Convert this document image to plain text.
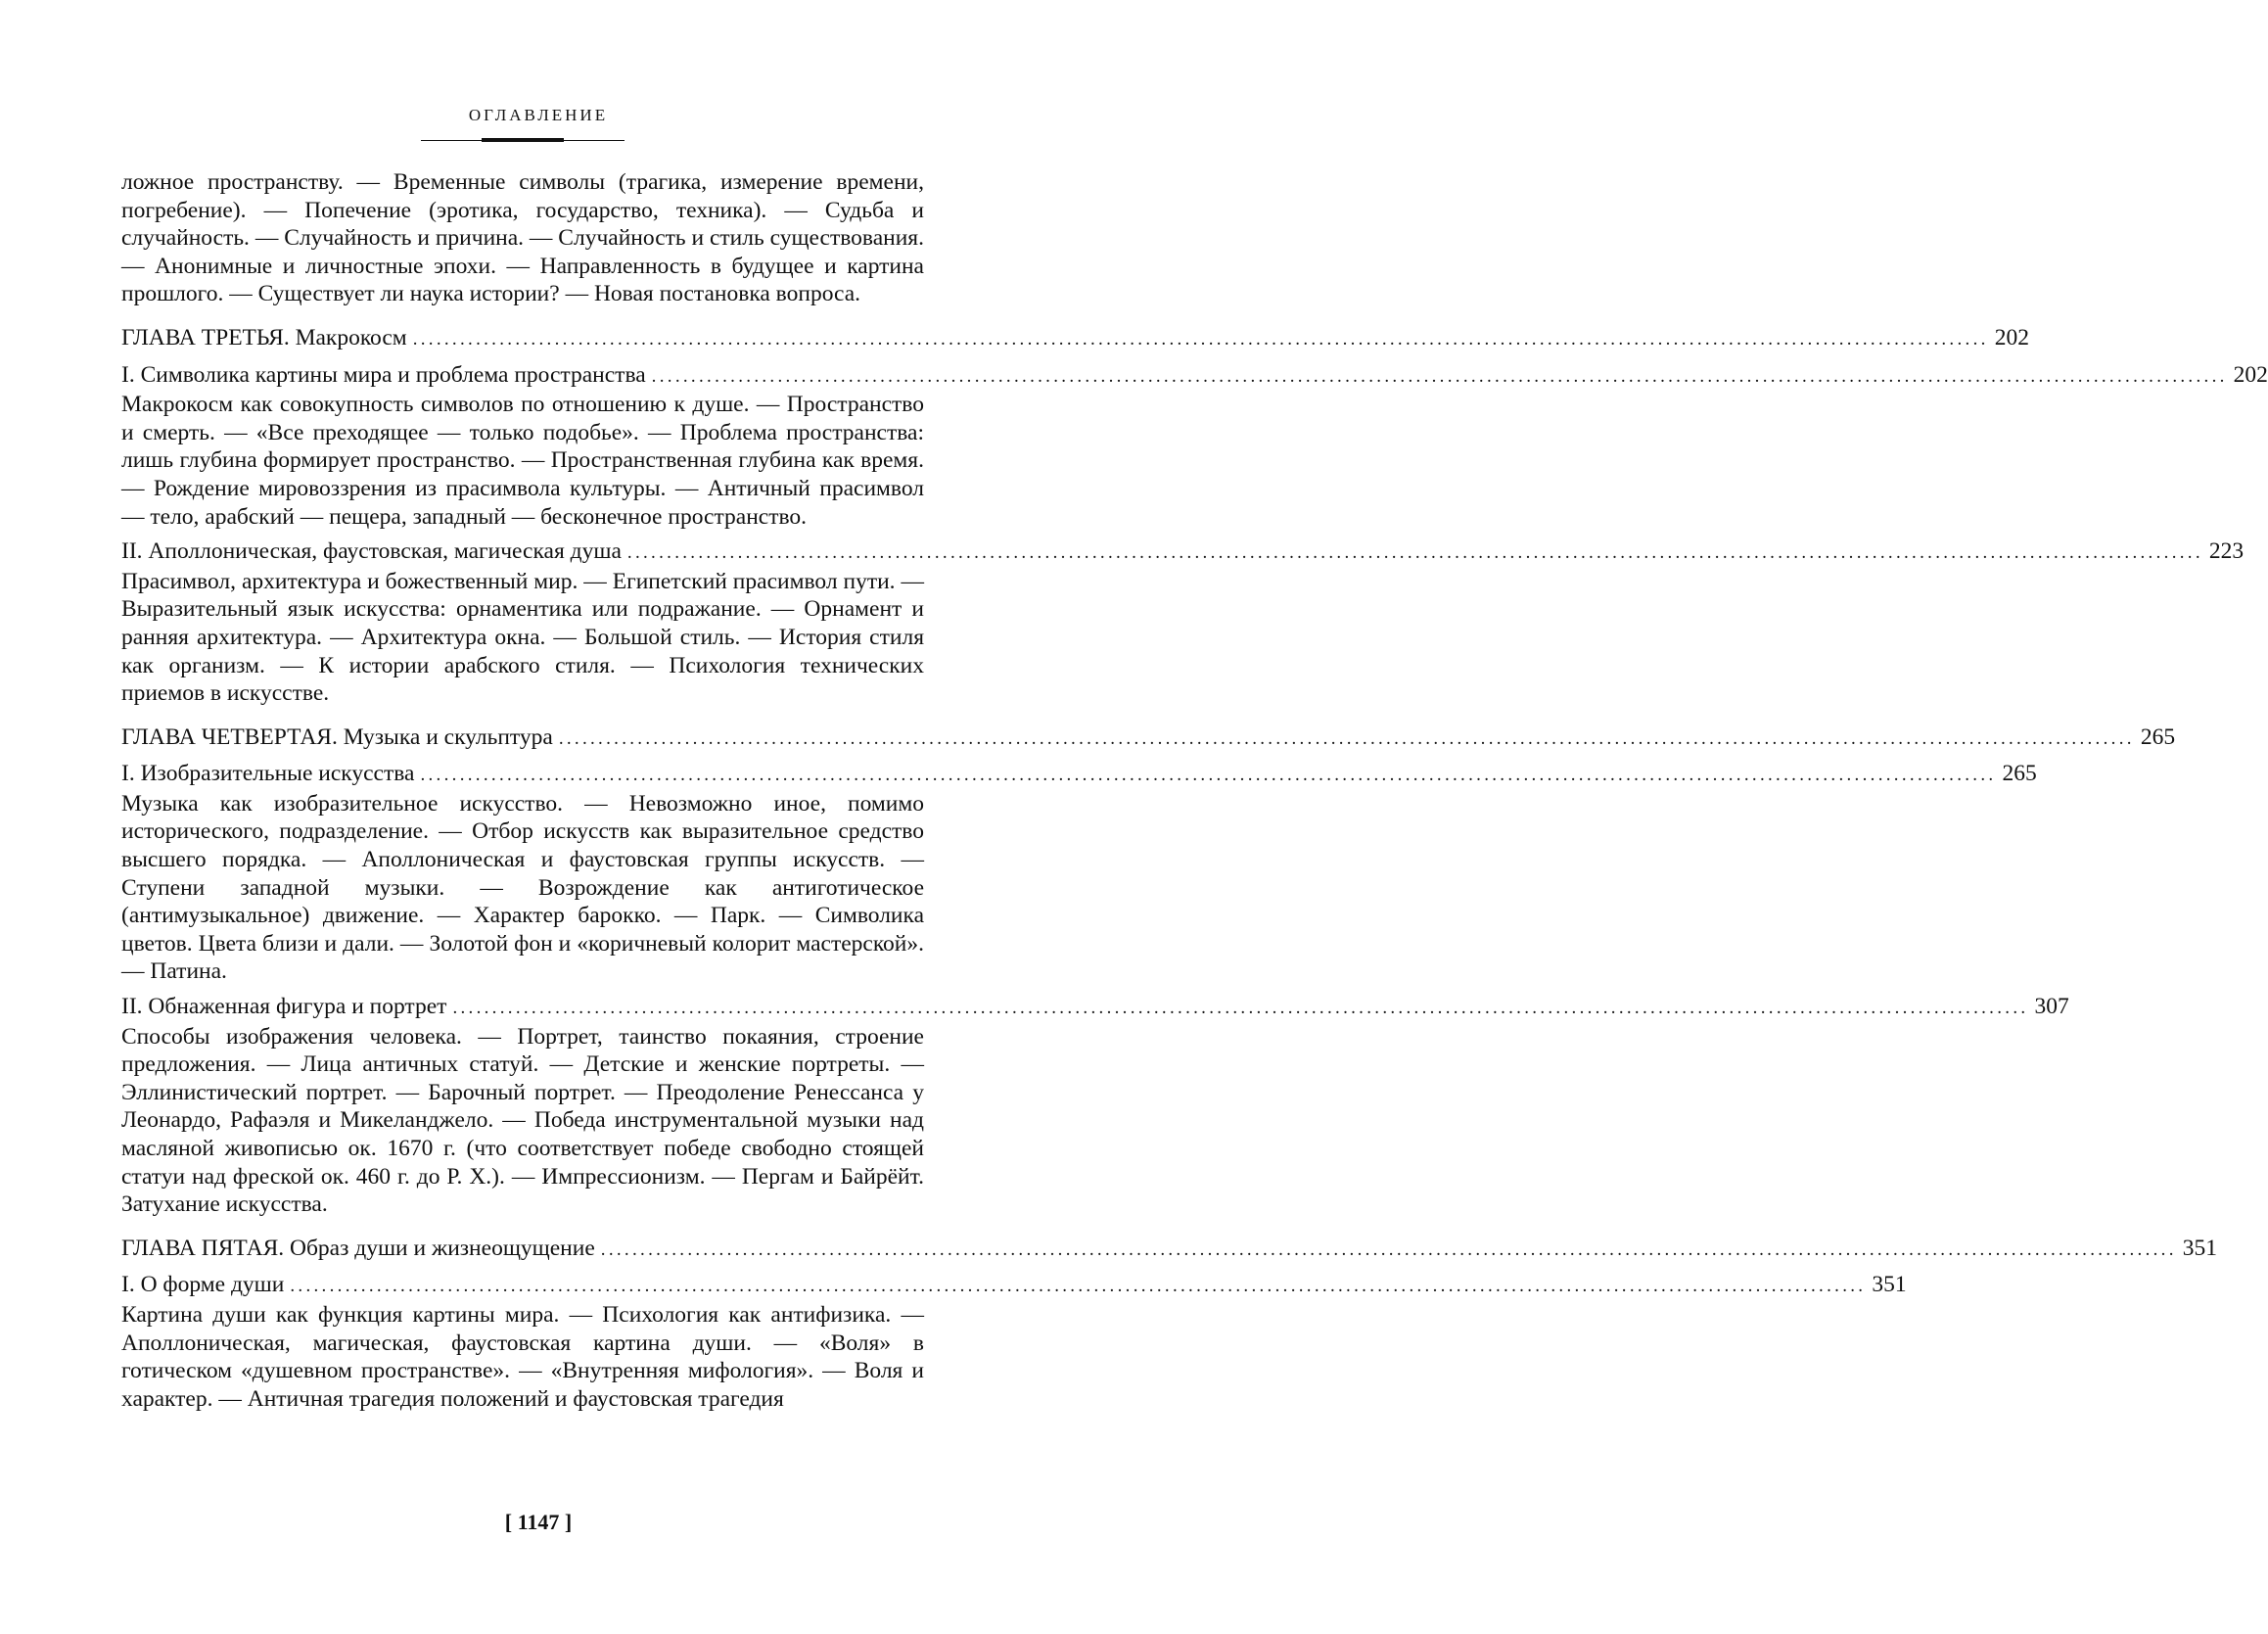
ОГЛАВЛЕНИЕ

ложное пространству. — Временные символы (трагика, измерение времени, погребение). — Попечение (эротика, государство, техника). — Судьба и случайность. — Случайность и причина. — Случайность и стиль существования. — Анонимные и личностные эпохи. — Направленность в будущее и картина прошлого. — Существует ли наука истории? — Новая постановка вопроса.

ГЛАВА ТРЕТЬЯ. Макрокосм ........................................................................................................................................................................................................ 202
I. Символика картины мира и проблема пространства ........................................................................................................................................................................................................ 202

Макрокосм как совокупность символов по отношению к душе. — Пространство и смерть. — «Все преходящее — только подобье». — Проблема пространства: лишь глубина формирует пространство. — Пространственная глубина как время. — Рождение мировоззрения из прасимвола культуры. — Античный прасимвол — тело, арабский — пещера, западный — бесконечное пространство.

II. Аполлоническая, фаустовская, магическая душа ........................................................................................................................................................................................................ 223

Прасимвол, архитектура и божественный мир. — Египетский прасимвол пути. — Выразительный язык искусства: орнаментика или подражание. — Орнамент и ранняя архитектура. — Архитектура окна. — Большой стиль. — История стиля как организм. — К истории арабского стиля. — Психология технических приемов в искусстве.

ГЛАВА ЧЕТВЕРТАЯ. Музыка и скульптура ........................................................................................................................................................................................................ 265
I. Изобразительные искусства ........................................................................................................................................................................................................ 265

Музыка как изобразительное искусство. — Невозможно иное, помимо исторического, подразделение. — Отбор искусств как выразительное средство высшего порядка. — Аполлоническая и фаустовская группы искусств. — Ступени западной музыки. — Возрождение как антиготическое (антимузыкальное) движение. — Характер барокко. — Парк. — Символика цветов. Цвета близи и дали. — Золотой фон и «коричневый колорит мастерской». — Патина.

II. Обнаженная фигура и портрет ........................................................................................................................................................................................................ 307

Способы изображения человека. — Портрет, таинство покаяния, строение предложения. — Лица античных статуй. — Детские и женские портреты. — Эллинистический портрет. — Барочный портрет. — Преодоление Ренессанса у Леонардо, Рафаэля и Микеланджело. — Победа инструментальной музыки над масляной живописью ок. 1670 г. (что соответствует победе свободно стоящей статуи над фреской ок. 460 г. до Р. Х.). — Импрессионизм. — Пергам и Байрёйт. Затухание искусства.

ГЛАВА ПЯТАЯ. Образ души и жизнеощущение ........................................................................................................................................................................................................ 351
I. О форме души ........................................................................................................................................................................................................ 351

Картина души как функция картины мира. — Психология как антифизика. — Аполлоническая, магическая, фаустовская картина души. — «Воля» в готическом «душевном пространстве». — «Внутренняя мифология». — Воля и характер. — Античная трагедия положений и фаустовская трагедия

[ 1147 ]
